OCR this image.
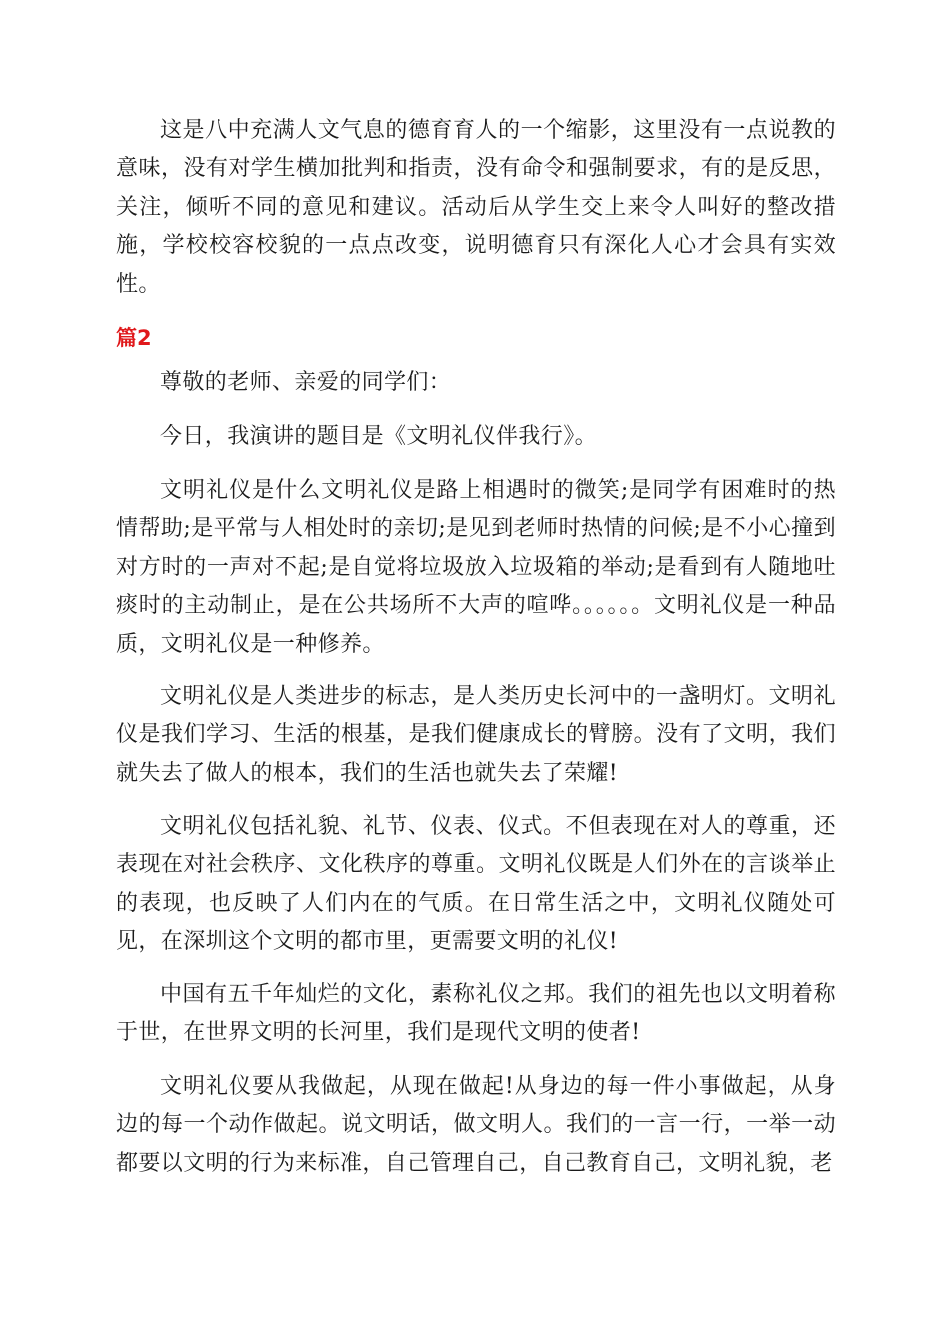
这是八中充满人文气息的德育育人的一个缩影，这里没有一点说教的意味，没有对学生横加批判和指责，没有命令和强制要求，有的是反思，关注，倾听不同的意见和建议。活动后从学生交上来令人叫好的整改措施，学校校容校貌的一点点改变，说明德育只有深化人心才会具有实效性。

篇2

尊敬的老师、亲爱的同学们：

今日，我演讲的题目是《文明礼仪伴我行》。

文明礼仪是什么文明礼仪是路上相遇时的微笑;是同学有困难时的热情帮助;是平常与人相处时的亲切;是见到老师时热情的问候;是不小心撞到对方时的一声对不起;是自觉将垃圾放入垃圾箱的举动;是看到有人随地吐痰时的主动制止，是在公共场所不大声的喧哗。。。。。。文明礼仪是一种品质，文明礼仪是一种修养。

文明礼仪是人类进步的标志，是人类历史长河中的一盏明灯。文明礼仪是我们学习、生活的根基，是我们健康成长的臂膀。没有了文明，我们就失去了做人的根本，我们的生活也就失去了荣耀!

文明礼仪包括礼貌、礼节、仪表、仪式。不但表现在对人的尊重，还表现在对社会秩序、文化秩序的尊重。文明礼仪既是人们外在的言谈举止的表现，也反映了人们内在的气质。在日常生活之中，文明礼仪随处可见，在深圳这个文明的都市里，更需要文明的礼仪!

中国有五千年灿烂的文化，素称礼仪之邦。我们的祖先也以文明着称于世，在世界文明的长河里，我们是现代文明的使者!

文明礼仪要从我做起，从现在做起!从身边的每一件小事做起，从身边的每一个动作做起。说文明话，做文明人。我们的一言一行，一举一动都要以文明的行为来标准，自己管理自己，自己教育自己，文明礼貌，老
